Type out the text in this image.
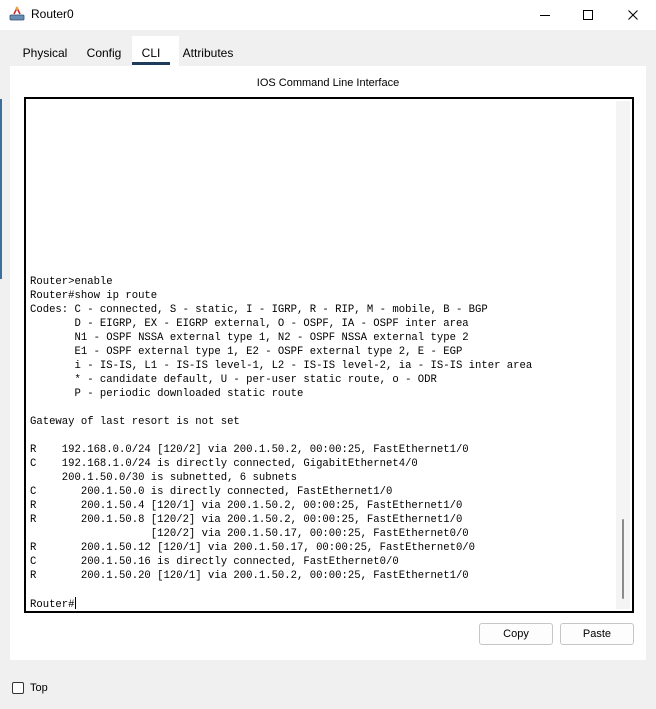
Router0
Physical	Config	CLI	Attributes
IOS Command Line Interface
Router>enable
Router#show ip route
Codes: C - connected, S - static, I - IGRP, R - RIP, M - mobile, B - BGP
D - EIGRP, EX - EIGRP external, O - OSPF, IA - OSPF inter area
N1 - OSPF NSSA external type 1, N2 - OSPF NSSA external type 2
E1 - OSPF external type 1, E2 - OSPF external type 2, E - EGP
i - IS-IS, L1 - IS-IS level-1, L2 - IS-IS level-2, ia - IS-IS inter area
* - candidate default, U - per-user static route, o - ODR
P - periodic downloaded static route
Gateway of last resort is not set
R    192.168.0.0/24 [120/2] via 200.1.50.2, 00:00:25, FastEthernet1/0
C    192.168.1.0/24 is directly connected, GigabitEthernet4/0
200.1.50.0/30 is subnetted, 6 subnets
C       200.1.50.0 is directly connected, FastEthernet1/0
R       200.1.50.4 [120/1] via 200.1.50.2, 00:00:25, FastEthernet1/0
R       200.1.50.8 [120/2] via 200.1.50.2, 00:00:25, FastEthernet1/0
[120/2] via 200.1.50.17, 00:00:25, FastEthernet0/0
R       200.1.50.12 [120/1] via 200.1.50.17, 00:00:25, FastEthernet0/0
C       200.1.50.16 is directly connected, FastEthernet0/0
R       200.1.50.20 [120/1] via 200.1.50.2, 00:00:25, FastEthernet1/0
Router#
Copy	Paste
Top
